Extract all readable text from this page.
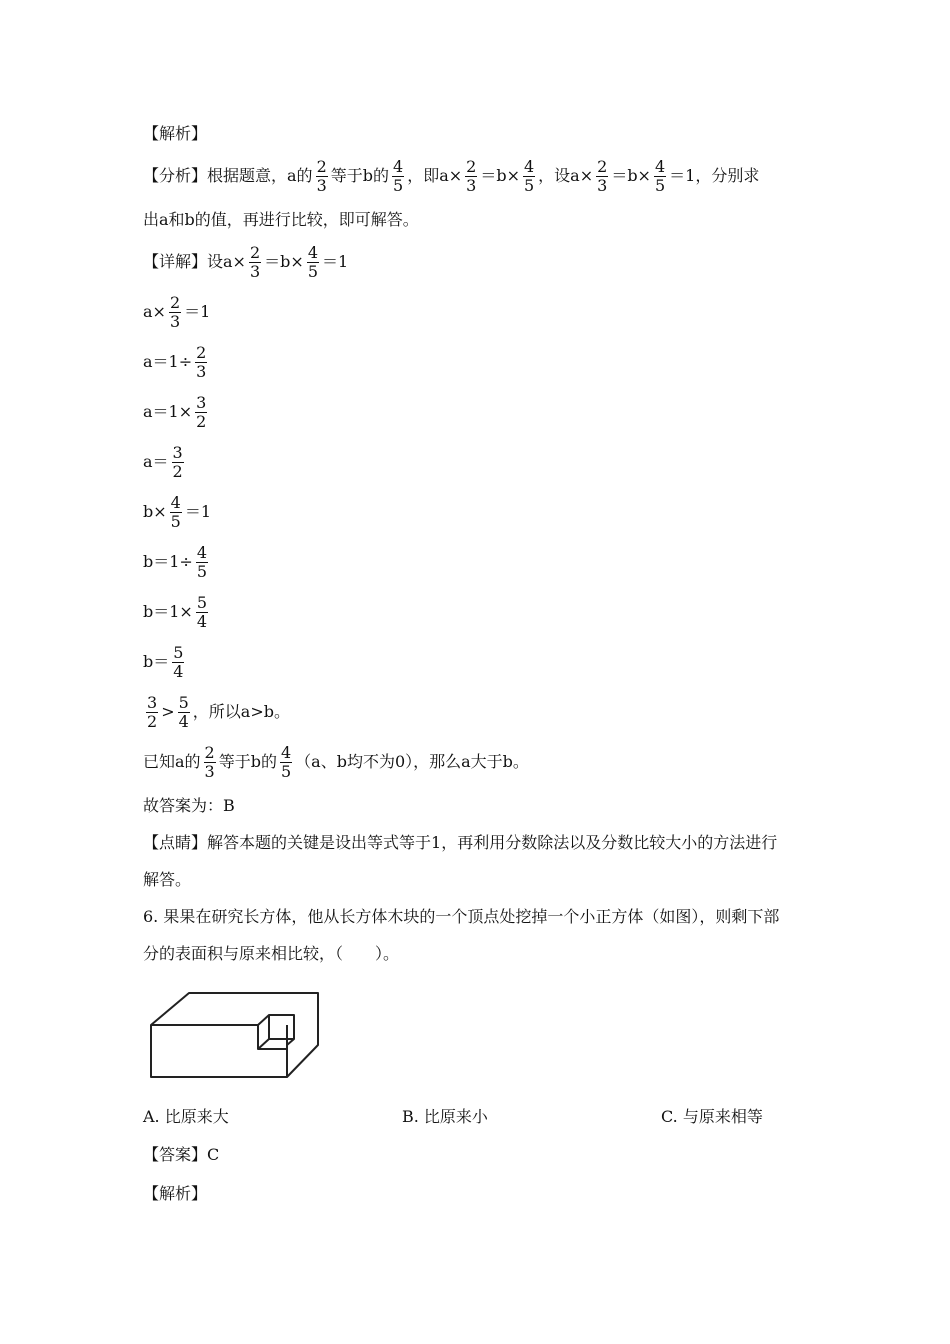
【解析】
【分析】根据题意，a的 $\frac{2}{3}$ 等于b的 $\frac{4}{5}$ ，即$a\times \frac{2}{3} =b\times \frac{4}{5}$ ，设$a\times \frac{2}{3} =b\times \frac{4}{5} =1$，分别求
出a和b的值，再进行比较，即可解答。
【详解】设$a\times \frac{2}{3} =b\times \frac{4}{5} =1$
$a\times \frac{2}{3} =1$
$a=1\div \frac{2}{3}$
$a=1\times \frac{3}{2}$
$a= \frac{3}{2}$
$b\times \frac{4}{5} =1$
$b=1\div \frac{4}{5}$
$b=1\times \frac{5}{4}$
$b= \frac{5}{4}$
$\frac{3}{2} > \frac{5}{4}$ ，所以a>b。
已知a的 $\frac{2}{3}$ 等于b的 $\frac{4}{5} (a$、b均不为0），那么a大于b。
故答案为：B
【点睛】解答本题的关键是设出等式等于1，再利用分数除法以及分数比较大小的方法进行
解答。
6. 果果在研究长方体，他从长方体木块的一个顶点处挖掉一个小正方体（如图），则剩下部
分的表面积与原来相比较，（　　）。
A. 比原来大	B. 比原来小	C. 与原来相等
【答案】C
【解析】
